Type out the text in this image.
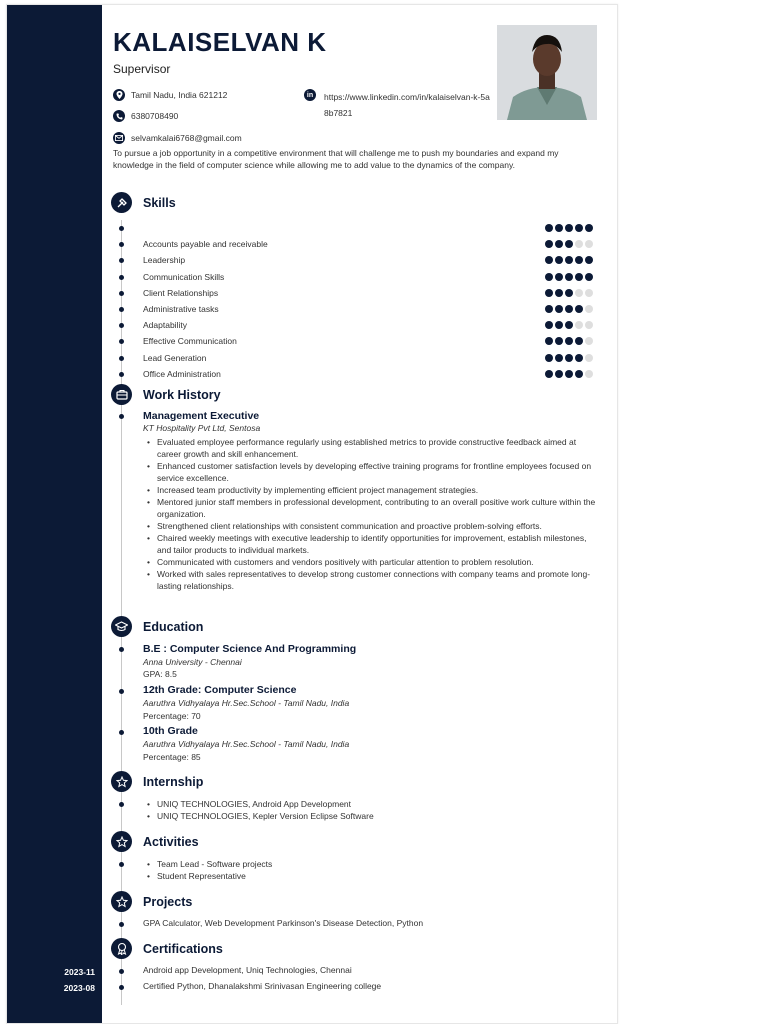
2023-11
2023-08
KALAISELVAN K
Supervisor
Tamil Nadu, India 621212
6380708490
selvamkalai6768@gmail.com
in	https://www.linkedin.com/in/kalaiselvan-k-5a8b7821
To pursue a job opportunity in a competitive environment that will challenge me to push my boundaries and expand my knowledge in the field of computer science while allowing me to add value to the dynamics of the company.
Skills
Accounts payable and receivable
Leadership
Communication Skills
Client Relationships
Administrative tasks
Adaptability
Effective Communication
Lead Generation
Office Administration
Work History
Management Executive
KT Hospitality Pvt Ltd, Sentosa
• Evaluated employee performance regularly using established metrics to provide constructive feedback aimed at career growth and skill enhancement.
• Enhanced customer satisfaction levels by developing effective training programs for frontline employees focused on service excellence.
• Increased team productivity by implementing efficient project management strategies.
• Mentored junior staff members in professional development, contributing to an overall positive work culture within the organization.
• Strengthened client relationships with consistent communication and proactive problem-solving efforts.
• Chaired weekly meetings with executive leadership to identify opportunities for improvement, establish milestones, and tailor products to individual markets.
• Communicated with customers and vendors positively with particular attention to problem resolution.
• Worked with sales representatives to develop strong customer connections with company teams and promote long-lasting relationships.
Education
B.E : Computer Science And Programming
Anna University - Chennai
GPA: 8.5
12th Grade: Computer Science
Aaruthra Vidhyalaya Hr.Sec.School - Tamil Nadu, India
Percentage: 70
10th Grade
Aaruthra Vidhyalaya Hr.Sec.School - Tamil Nadu, India
Percentage: 85
Internship
• UNIQ TECHNOLOGIES, Android App Development
• UNIQ TECHNOLOGIES, Kepler Version Eclipse Software
Activities
• Team Lead - Software projects
• Student Representative
Projects
GPA Calculator, Web Development Parkinson's Disease Detection, Python
Certifications
Android app Development, Uniq Technologies, Chennai
Certified Python, Dhanalakshmi Srinivasan Engineering college
